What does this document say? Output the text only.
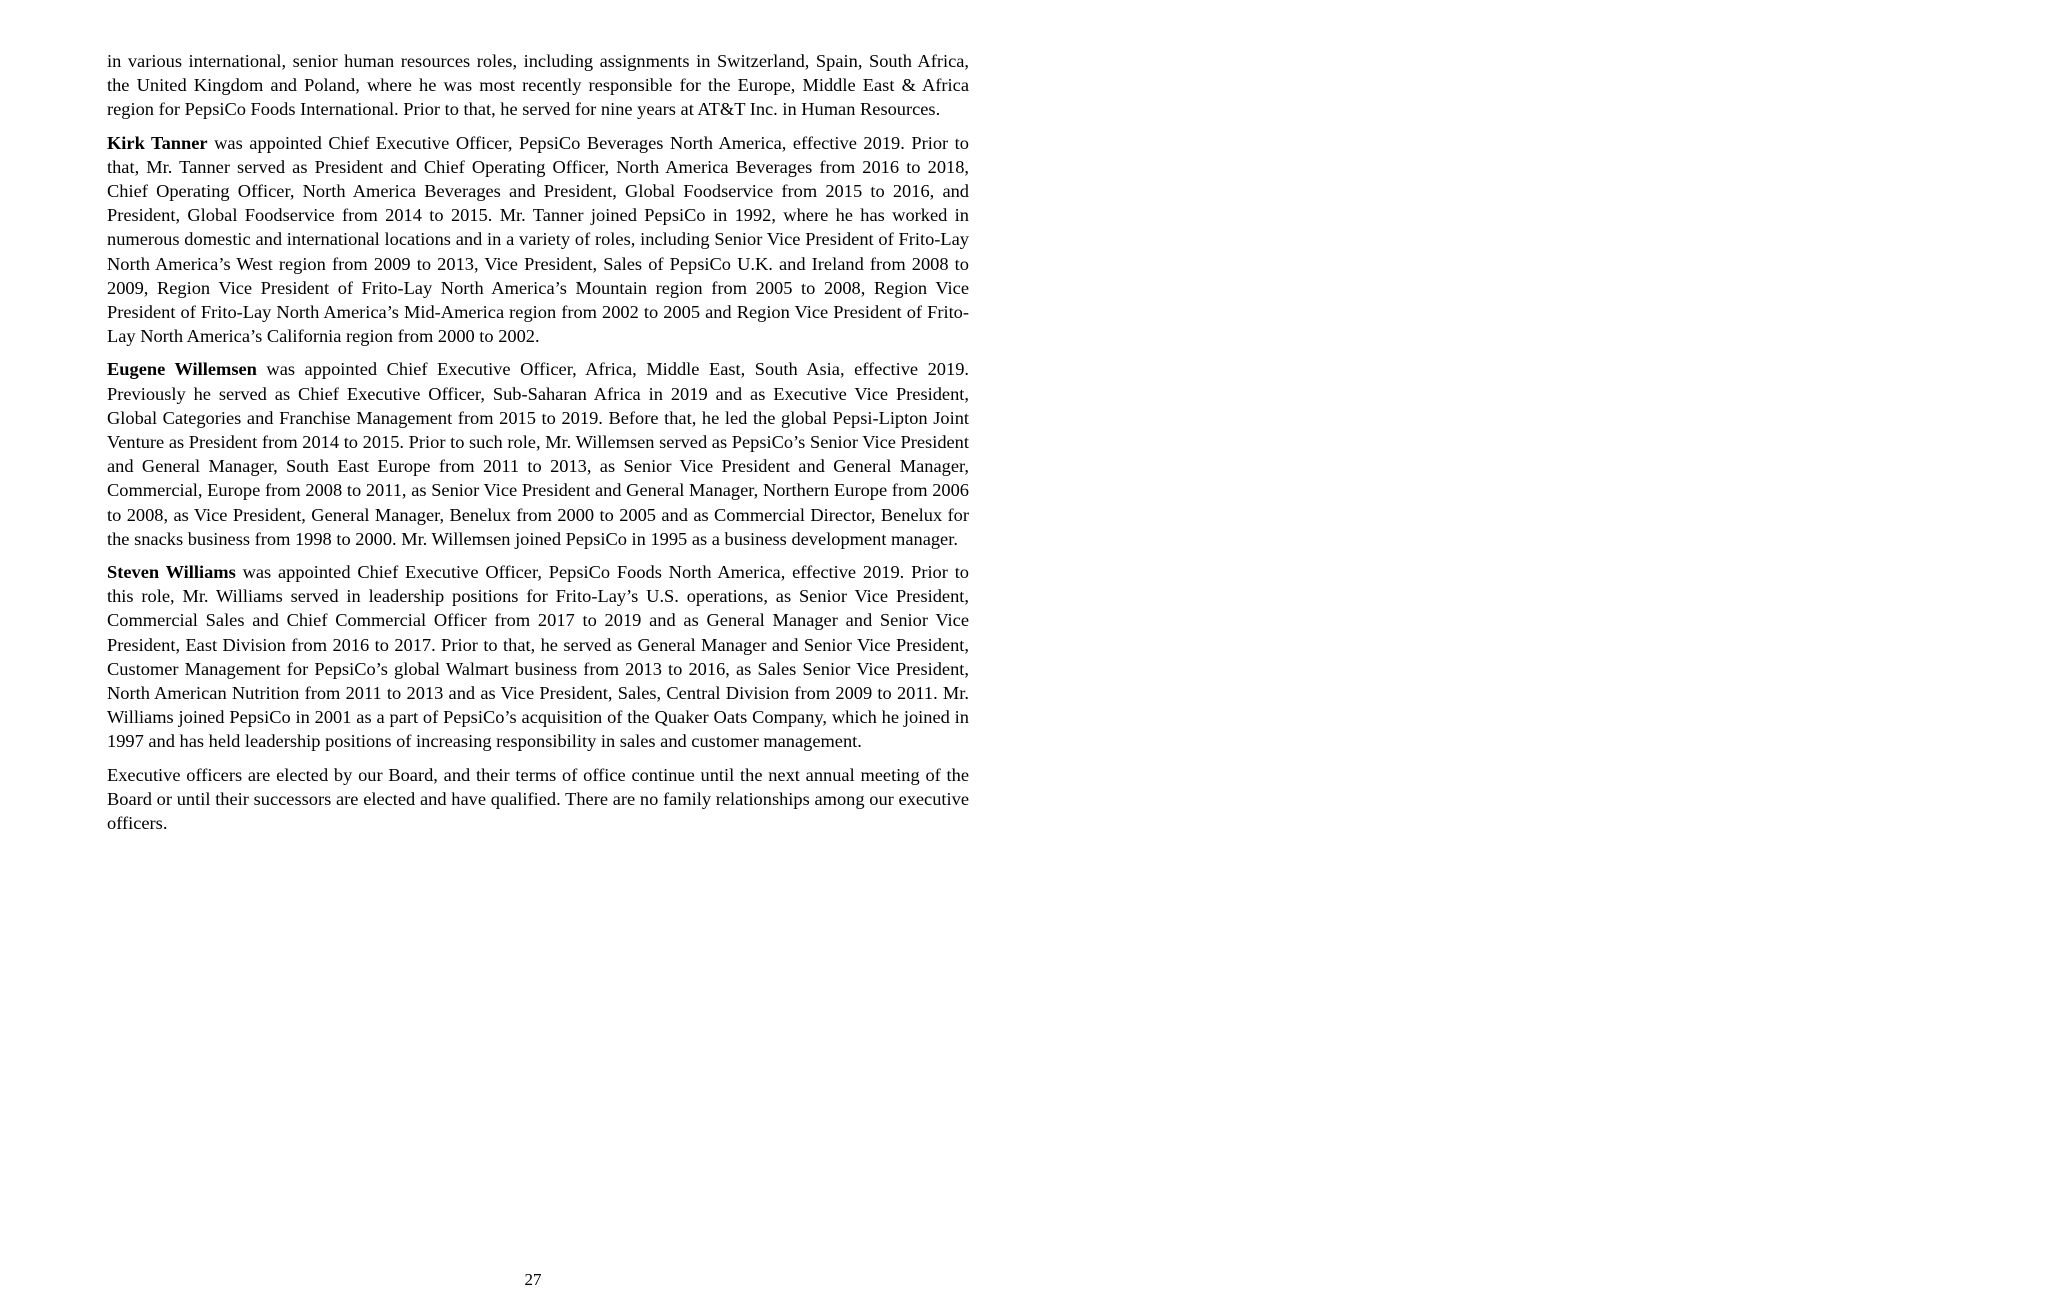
in various international, senior human resources roles, including assignments in Switzerland, Spain, South Africa, the United Kingdom and Poland, where he was most recently responsible for the Europe, Middle East & Africa region for PepsiCo Foods International. Prior to that, he served for nine years at AT&T Inc. in Human Resources.

Kirk Tanner was appointed Chief Executive Officer, PepsiCo Beverages North America, effective 2019. Prior to that, Mr. Tanner served as President and Chief Operating Officer, North America Beverages from 2016 to 2018, Chief Operating Officer, North America Beverages and President, Global Foodservice from 2015 to 2016, and President, Global Foodservice from 2014 to 2015. Mr. Tanner joined PepsiCo in 1992, where he has worked in numerous domestic and international locations and in a variety of roles, including Senior Vice President of Frito-Lay North America’s West region from 2009 to 2013, Vice President, Sales of PepsiCo U.K. and Ireland from 2008 to 2009, Region Vice President of Frito-Lay North America’s Mountain region from 2005 to 2008, Region Vice President of Frito-Lay North America’s Mid-America region from 2002 to 2005 and Region Vice President of Frito-Lay North America’s California region from 2000 to 2002.

Eugene Willemsen was appointed Chief Executive Officer, Africa, Middle East, South Asia, effective 2019. Previously he served as Chief Executive Officer, Sub-Saharan Africa in 2019 and as Executive Vice President, Global Categories and Franchise Management from 2015 to 2019. Before that, he led the global Pepsi-Lipton Joint Venture as President from 2014 to 2015. Prior to such role, Mr. Willemsen served as PepsiCo’s Senior Vice President and General Manager, South East Europe from 2011 to 2013, as Senior Vice President and General Manager, Commercial, Europe from 2008 to 2011, as Senior Vice President and General Manager, Northern Europe from 2006 to 2008, as Vice President, General Manager, Benelux from 2000 to 2005 and as Commercial Director, Benelux for the snacks business from 1998 to 2000. Mr. Willemsen joined PepsiCo in 1995 as a business development manager.

Steven Williams was appointed Chief Executive Officer, PepsiCo Foods North America, effective 2019. Prior to this role, Mr. Williams served in leadership positions for Frito-Lay’s U.S. operations, as Senior Vice President, Commercial Sales and Chief Commercial Officer from 2017 to 2019 and as General Manager and Senior Vice President, East Division from 2016 to 2017. Prior to that, he served as General Manager and Senior Vice President, Customer Management for PepsiCo’s global Walmart business from 2013 to 2016, as Sales Senior Vice President, North American Nutrition from 2011 to 2013 and as Vice President, Sales, Central Division from 2009 to 2011. Mr. Williams joined PepsiCo in 2001 as a part of PepsiCo’s acquisition of the Quaker Oats Company, which he joined in 1997 and has held leadership positions of increasing responsibility in sales and customer management.

Executive officers are elected by our Board, and their terms of office continue until the next annual meeting of the Board or until their successors are elected and have qualified. There are no family relationships among our executive officers.

27
